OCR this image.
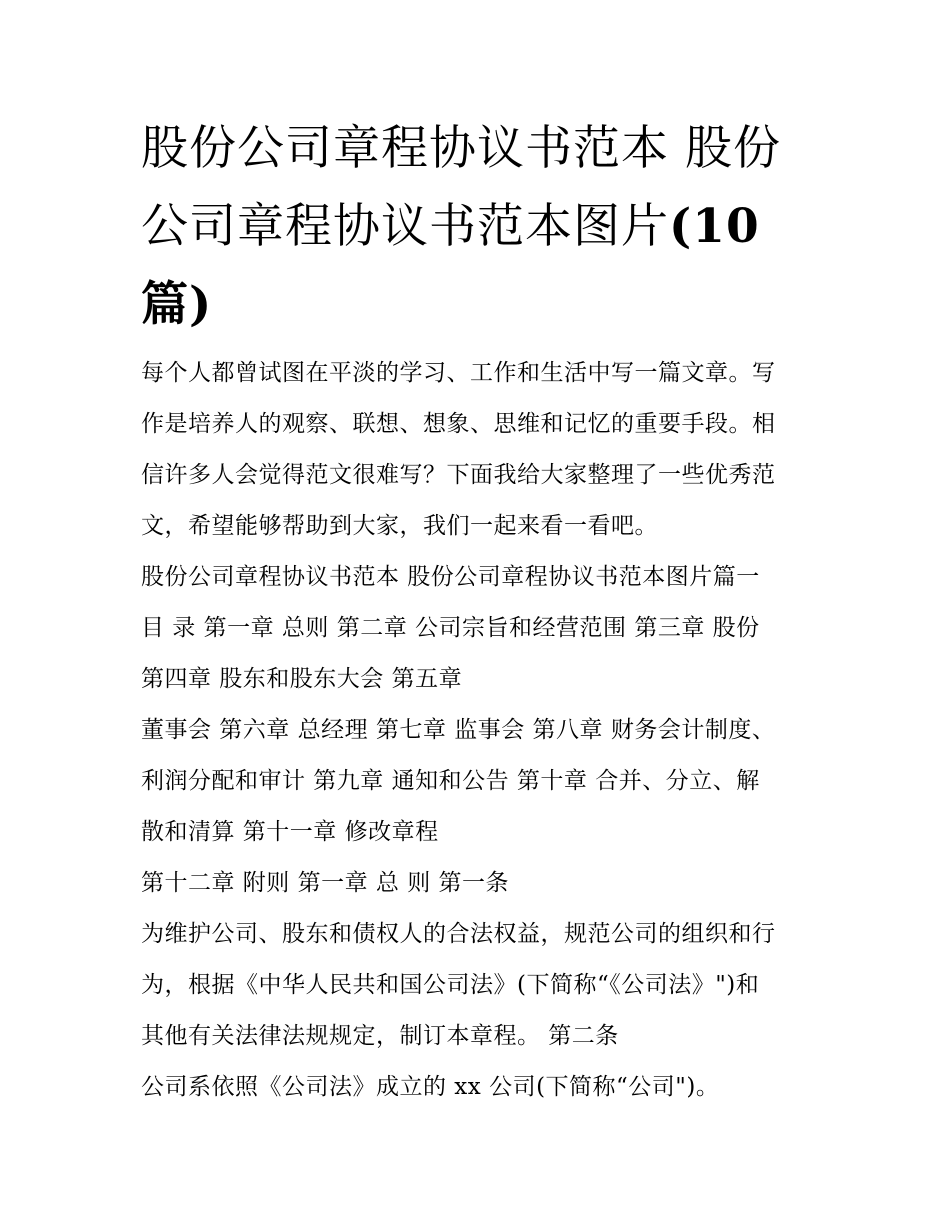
股份公司章程协议书范本 股份
公司章程协议书范本图片(10
篇)

每个人都曾试图在平淡的学习、工作和生活中写一篇文章。写

作是培养人的观察、联想、想象、思维和记忆的重要手段。相

信许多人会觉得范文很难写？下面我给大家整理了一些优秀范

文，希望能够帮助到大家，我们一起来看一看吧。

股份公司章程协议书范本 股份公司章程协议书范本图片篇一

目 录 第一章 总则 第二章 公司宗旨和经营范围 第三章 股份

第四章 股东和股东大会 第五章

董事会 第六章 总经理 第七章 监事会 第八章 财务会计制度、

利润分配和审计 第九章 通知和公告 第十章 合并、分立、解

散和清算 第十一章 修改章程

第十二章 附则 第一章 总 则 第一条

为维护公司、股东和债权人的合法权益，规范公司的组织和行

为，根据《中华人民共和国公司法》(下简称“《公司法》")和

其他有关法律法规规定，制订本章程。 第二条

公司系依照《公司法》成立的 xx 公司(下简称“公司")。
